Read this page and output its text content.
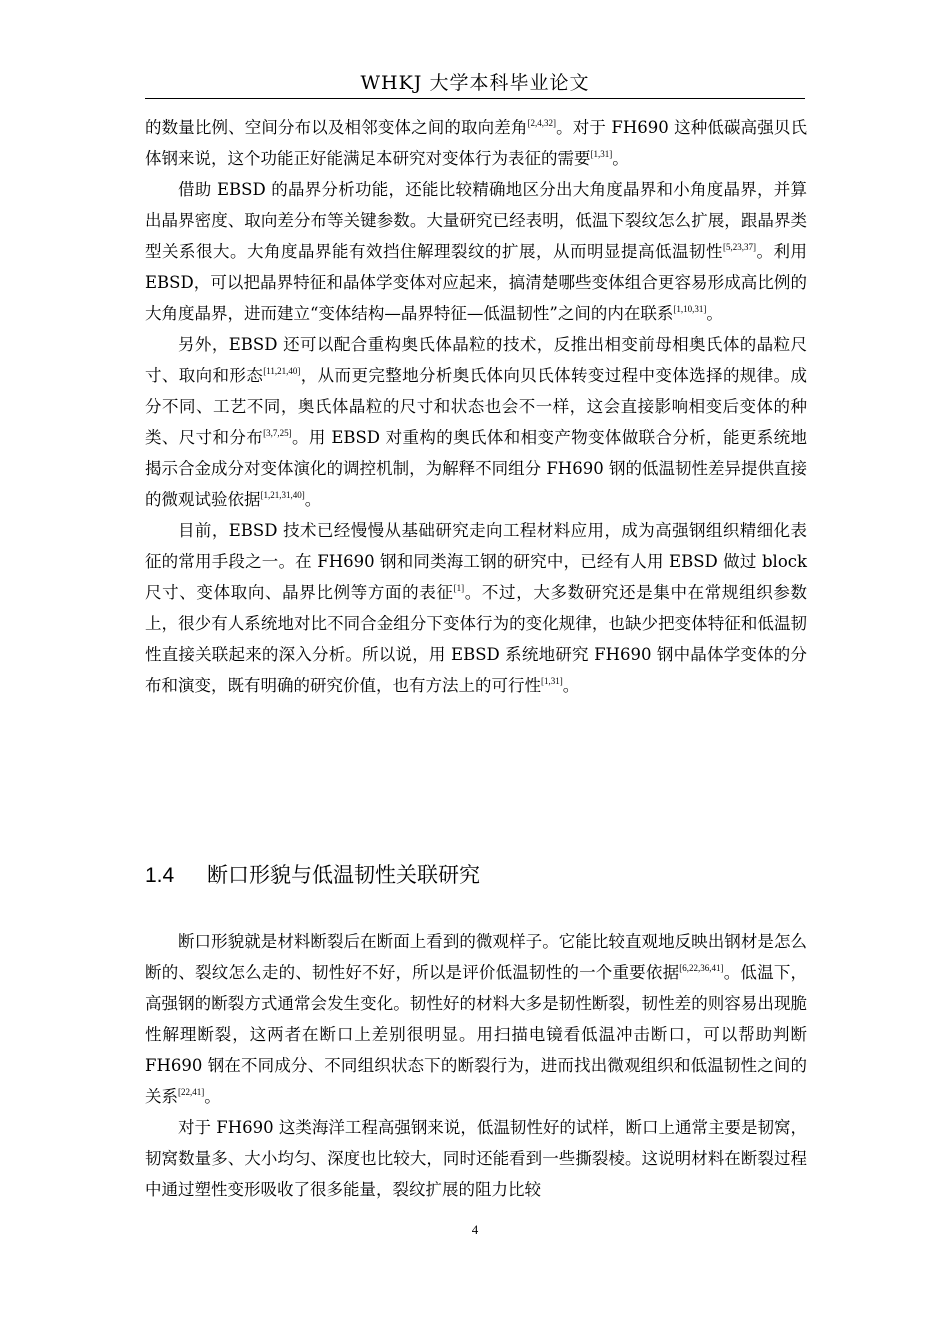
WHKJ 大学本科毕业论文

的数量比例、空间分布以及相邻变体之间的取向差角[2,4,32]。对于 FH690 这种低碳高强贝氏体钢来说，这个功能正好能满足本研究对变体行为表征的需要[1,31]。

借助 EBSD 的晶界分析功能，还能比较精确地区分出大角度晶界和小角度晶界，并算出晶界密度、取向差分布等关键参数。大量研究已经表明，低温下裂纹怎么扩展，跟晶界类型关系很大。大角度晶界能有效挡住解理裂纹的扩展，从而明显提高低温韧性[5,23,37]。利用 EBSD，可以把晶界特征和晶体学变体对应起来，搞清楚哪些变体组合更容易形成高比例的大角度晶界，进而建立“变体结构—晶界特征—低温韧性”之间的内在联系[1,10,31]。

另外，EBSD 还可以配合重构奥氏体晶粒的技术，反推出相变前母相奥氏体的晶粒尺寸、取向和形态[11,21,40]，从而更完整地分析奥氏体向贝氏体转变过程中变体选择的规律。成分不同、工艺不同，奥氏体晶粒的尺寸和状态也会不一样，这会直接影响相变后变体的种类、尺寸和分布[3,7,25]。用 EBSD 对重构的奥氏体和相变产物变体做联合分析，能更系统地揭示合金成分对变体演化的调控机制，为解释不同组分 FH690 钢的低温韧性差异提供直接的微观试验依据[1,21,31,40]。

目前，EBSD 技术已经慢慢从基础研究走向工程材料应用，成为高强钢组织精细化表征的常用手段之一。在 FH690 钢和同类海工钢的研究中，已经有人用 EBSD 做过 block 尺寸、变体取向、晶界比例等方面的表征[1]。不过，大多数研究还是集中在常规组织参数上，很少有人系统地对比不同合金组分下变体行为的变化规律，也缺少把变体特征和低温韧性直接关联起来的深入分析。所以说，用 EBSD 系统地研究 FH690 钢中晶体学变体的分布和演变，既有明确的研究价值，也有方法上的可行性[1,31]。

1.4 断口形貌与低温韧性关联研究

断口形貌就是材料断裂后在断面上看到的微观样子。它能比较直观地反映出钢材是怎么断的、裂纹怎么走的、韧性好不好，所以是评价低温韧性的一个重要依据[6,22,36,41]。低温下，高强钢的断裂方式通常会发生变化。韧性好的材料大多是韧性断裂，韧性差的则容易出现脆性解理断裂，这两者在断口上差别很明显。用扫描电镜看低温冲击断口，可以帮助判断 FH690 钢在不同成分、不同组织状态下的断裂行为，进而找出微观组织和低温韧性之间的关系[22,41]。

对于 FH690 这类海洋工程高强钢来说，低温韧性好的试样，断口上通常主要是韧窝，韧窝数量多、大小均匀、深度也比较大，同时还能看到一些撕裂棱。这说明材料在断裂过程中通过塑性变形吸收了很多能量，裂纹扩展的阻力比较

4
